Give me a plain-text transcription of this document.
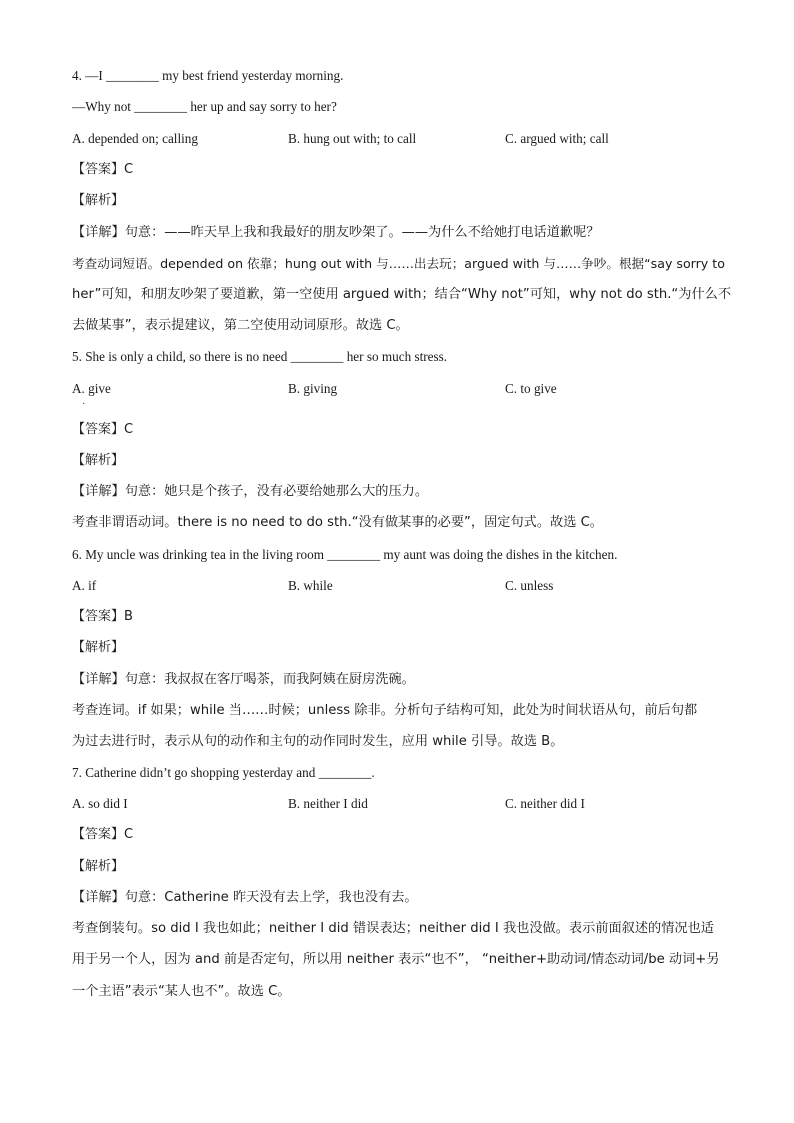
4. —I ________ my best friend yesterday morning.
—Why not ________ her up and say sorry to her?
A. depended on; calling	B. hung out with; to call	C. argued with; call
【答案】C
【解析】
【详解】句意：——昨天早上我和我最好的朋友吵架了。——为什么不给她打电话道歉呢？
考查动词短语。depended on 依靠；hung out with 与……出去玩；argued with 与……争吵。根据“say sorry to
her”可知，和朋友吵架了要道歉，第一空使用 argued with；结合“Why not”可知，why not do sth.“为什么不
去做某事”，表示提建议，第二空使用动词原形。故选 C。
5. She is only a child, so there is no need ________ her so much stress.
A. give	B. giving	C. to give
·
【答案】C
【解析】
【详解】句意：她只是个孩子，没有必要给她那么大的压力。
考查非谓语动词。there is no need to do sth.“没有做某事的必要”，固定句式。故选 C。
6. My uncle was drinking tea in the living room ________ my aunt was doing the dishes in the kitchen.
A. if	B. while	C. unless
【答案】B
【解析】
【详解】句意：我叔叔在客厅喝茶，而我阿姨在厨房洗碗。
考查连词。if 如果；while 当……时候；unless 除非。分析句子结构可知，此处为时间状语从句，前后句都
为过去进行时，表示从句的动作和主句的动作同时发生，应用 while 引导。故选 B。
7. Catherine didn’t go shopping yesterday and ________.
A. so did I	B. neither I did	C. neither did I
【答案】C
【解析】
【详解】句意：Catherine 昨天没有去上学，我也没有去。
考查倒装句。so did I 我也如此；neither I did 错误表达；neither did I 我也没做。表示前面叙述的情况也适
用于另一个人，因为 and 前是否定句，所以用 neither 表示“也不”， “neither+助动词/情态动词/be 动词+另
一个主语”表示“某人也不”。故选 C。
